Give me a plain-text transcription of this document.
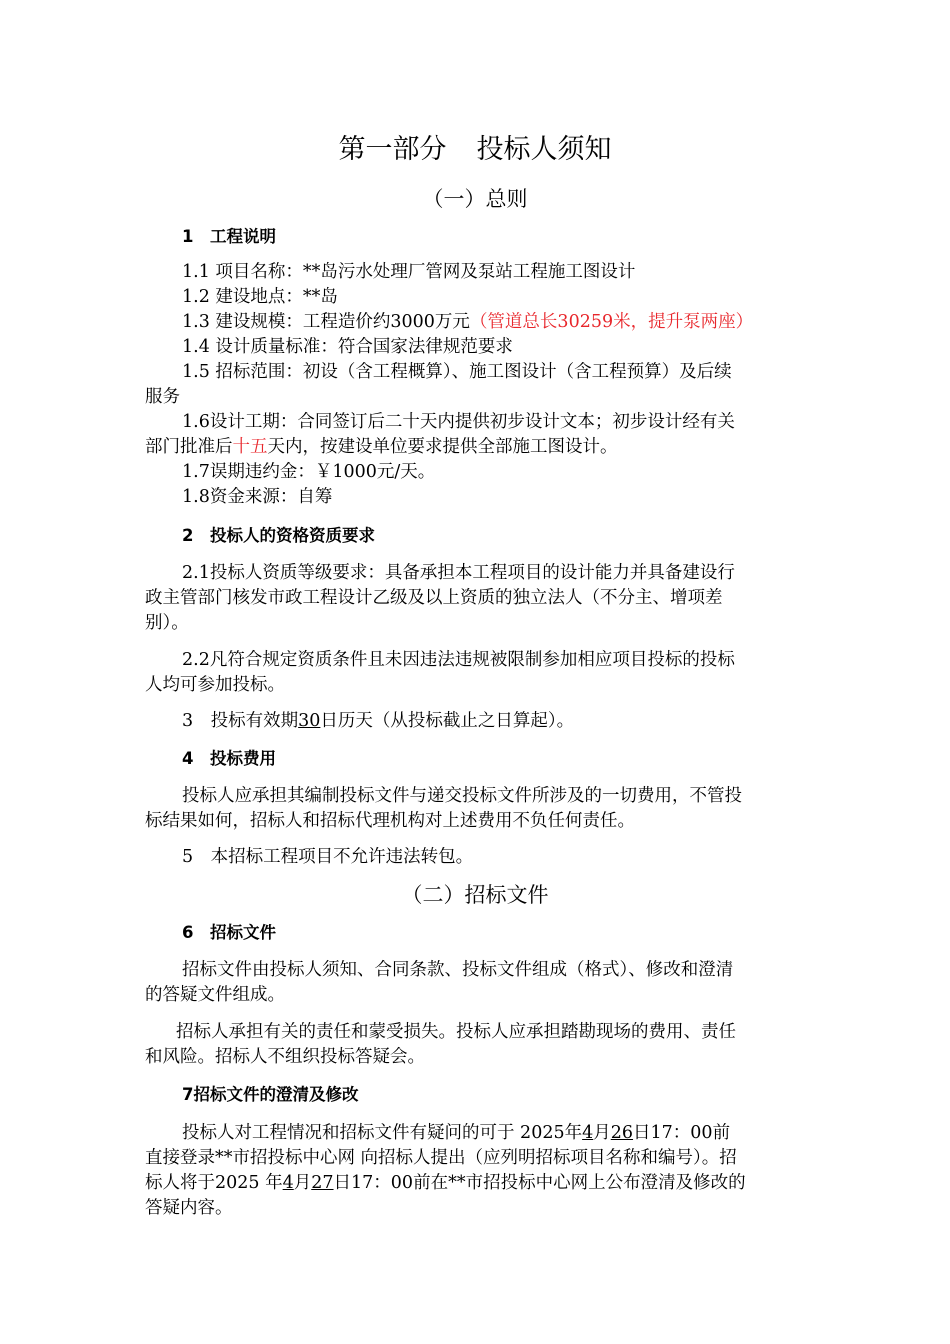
第一部分 投标人须知
（一）总则
1　工程说明
1.1 项目名称：**岛污水处理厂管网及泵站工程施工图设计
1.2 建设地点：**岛
1.3 建设规模：工程造价约3000万元（管道总长30259米，提升泵两座）
1.4 设计质量标准：符合国家法律规范要求
1.5 招标范围：初设（含工程概算）、施工图设计（含工程预算）及后续
服务
1.6设计工期：合同签订后二十天内提供初步设计文本；初步设计经有关
部门批准后十五天内，按建设单位要求提供全部施工图设计。
1.7误期违约金：￥1000元/天。
1.8资金来源：自筹
2　投标人的资格资质要求
2.1投标人资质等级要求：具备承担本工程项目的设计能力并具备建设行
政主管部门核发市政工程设计乙级及以上资质的独立法人（不分主、增项差
别）。
2.2凡符合规定资质条件且未因违法违规被限制参加相应项目投标的投标
人均可参加投标。
3　投标有效期30日历天（从投标截止之日算起）。
4　投标费用
投标人应承担其编制投标文件与递交投标文件所涉及的一切费用，不管投
标结果如何，招标人和招标代理机构对上述费用不负任何责任。
5　本招标工程项目不允许违法转包。
（二）招标文件
6　招标文件
招标文件由投标人须知、合同条款、投标文件组成（格式）、修改和澄清
的答疑文件组成。
招标人承担有关的责任和蒙受损失。投标人应承担踏勘现场的费用、责任
和风险。招标人不组织投标答疑会。
7招标文件的澄清及修改
投标人对工程情况和招标文件有疑问的可于 2025年4月26日17：00前
直接登录**市招投标中心网 向招标人提出（应列明招标项目名称和编号）。招
标人将于2025 年4月27日17：00前在**市招投标中心网上公布澄清及修改的
答疑内容。
